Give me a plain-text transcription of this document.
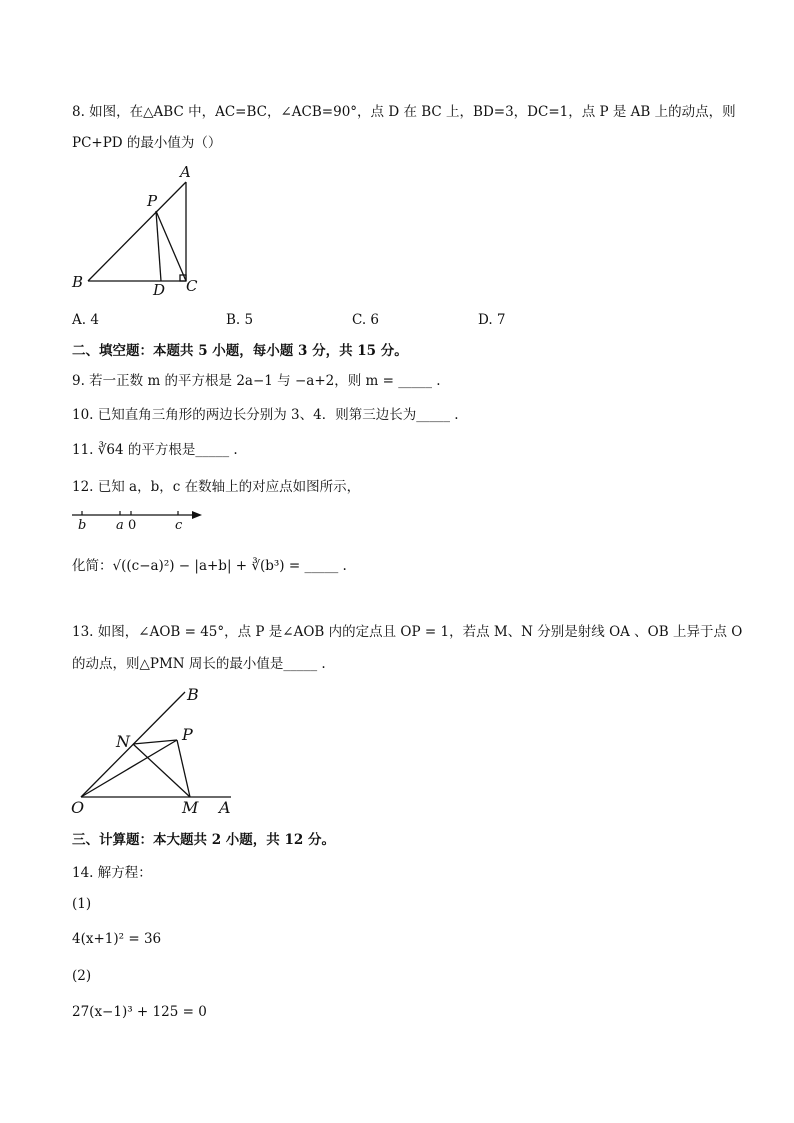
8. 如图，在△ABC 中，AC=BC，∠ACB=90°，点 D 在 BC 上，BD=3，DC=1，点 P 是 AB 上的动点，则
PC+PD 的最小值为（）
A
P
B	D C
A. 4	B. 5	C. 6	D. 7
二、填空题：本题共 5 小题，每小题 3 分，共 15 分。
9. 若一正数 m 的平方根是 2a−1 与 −a+2，则 m = _____ .
10. 已知直角三角形的两边长分别为 3、4．则第三边长为_____ .
11. ∛64 的平方根是_____ .
12. 已知 a，b，c 在数轴上的对应点如图所示，
b a 0	c
化简：√((c−a)²) − |a+b| + ∛(b³) = _____ .
13. 如图，∠AOB = 45°，点 P 是∠AOB 内的定点且 OP = 1，若点 M、N 分别是射线 OA 、OB 上异于点 O
的动点，则△PMN 周长的最小值是_____ .
B
N	P
O	M A
三、计算题：本大题共 2 小题，共 12 分。
14. 解方程：
(1)
4(x+1)² = 36
(2)
27(x−1)³ + 125 = 0
